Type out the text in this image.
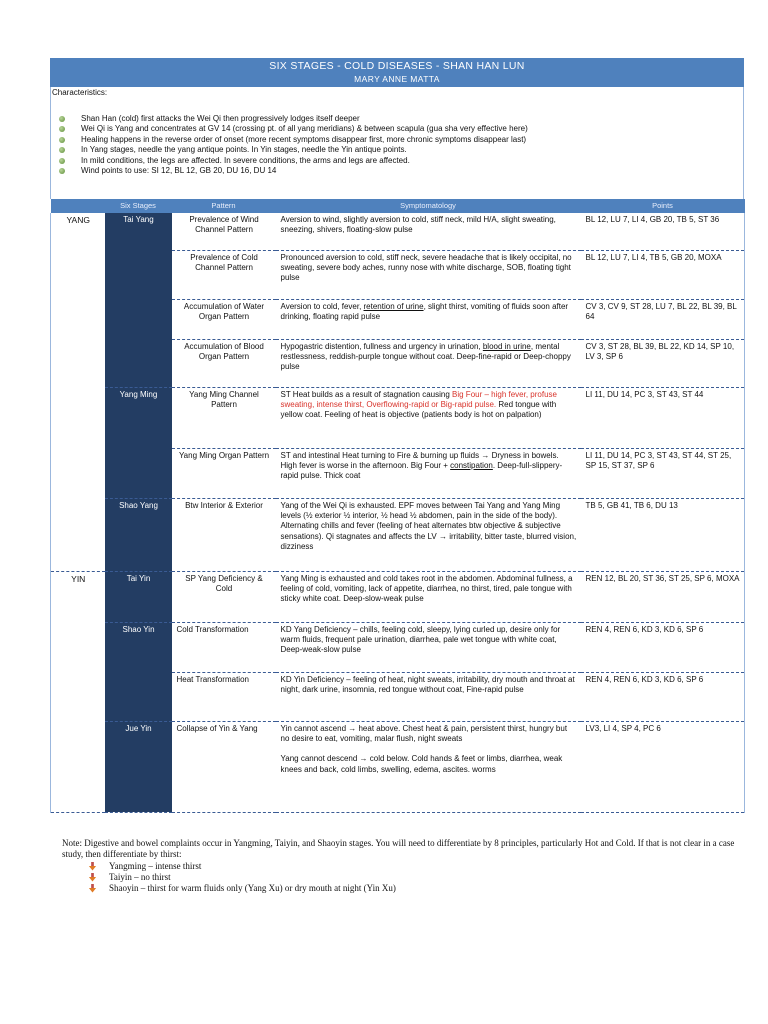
SIX STAGES - COLD DISEASES - SHAN HAN LUN
MARY ANNE MATTA
Characteristics:
Shan Han (cold) first attacks the Wei Qi then progressively lodges itself deeper
Wei Qi is Yang and concentrates at GV 14 (crossing pt. of all yang meridians) & between scapula (gua sha very effective here)
Healing happens in the reverse order of onset (more recent symptoms disappear first, more chronic symptoms disappear last)
In Yang stages, needle the yang antique points. In Yin stages, needle the Yin antique points.
In mild conditions, the legs are affected. In severe conditions, the arms and legs are affected.
Wind points to use: SI 12, BL 12, GB 20, DU 16, DU 14
	Six Stages	Pattern	Symptomatology	Points
YANG	Tai Yang	Prevalence of Wind Channel Pattern	Aversion to wind, slightly aversion to cold, stiff neck, mild H/A, slight sweating, sneezing, shivers, floating-slow pulse	BL 12, LU 7, LI 4, GB 20, TB 5, ST 36
		Prevalence of Cold Channel Pattern	Pronounced aversion to cold, stiff neck, severe headache that is likely occipital, no sweating, severe body aches, runny nose with white discharge, SOB, floating tight pulse	BL 12, LU 7, LI 4, TB 5, GB 20, MOXA
		Accumulation of Water Organ Pattern	Aversion to cold, fever, retention of urine, slight thirst, vomiting of fluids soon after drinking, floating rapid pulse	CV 3, CV 9, ST 28, LU 7, BL 22, BL 39, BL 64
		Accumulation of Blood Organ Pattern	Hypogastric distention, fullness and urgency in urination, blood in urine, mental restlessness, reddish-purple tongue without coat. Deep-fine-rapid or Deep-choppy pulse	CV 3, ST 28, BL 39, BL 22, KD 14, SP 10, LV 3, SP 6
	Yang Ming	Yang Ming Channel Pattern	ST Heat builds as a result of stagnation causing Big Four – high fever, profuse sweating, intense thirst, Overflowing-rapid or Big-rapid pulse. Red tongue with yellow coat. Feeling of heat is objective (patients body is hot on palpation)	LI 11, DU 14, PC 3, ST 43, ST 44
		Yang Ming Organ Pattern	ST and intestinal Heat turning to Fire & burning up fluids → Dryness in bowels. High fever is worse in the afternoon. Big Four + constipation. Deep-full-slippery-rapid pulse. Thick coat	LI 11, DU 14, PC 3, ST 43, ST 44, ST 25, SP 15, ST 37, SP 6
	Shao Yang	Btw Interior & Exterior	Yang of the Wei Qi is exhausted. EPF moves between Tai Yang and Yang Ming levels (½ exterior ½ interior, ½ head ½ abdomen, pain in the side of the body). Alternating chills and fever (feeling of heat alternates btw objective & subjective sensations). Qi stagnates and affects the LV → irritability, bitter taste, blurred vision, dizziness	TB 5, GB 41, TB 6, DU 13
YIN	Tai Yin	SP Yang Deficiency & Cold	Yang Ming is exhausted and cold takes root in the abdomen. Abdominal fullness, a feeling of cold, vomiting, lack of appetite, diarrhea, no thirst, tired, pale tongue with sticky white coat. Deep-slow-weak pulse	REN 12, BL 20, ST 36, ST 25, SP 6, MOXA
	Shao Yin	Cold Transformation	KD Yang Deficiency – chills, feeling cold, sleepy, lying curled up, desire only for warm fluids, frequent pale urination, diarrhea, pale wet tongue with white coat, Deep-weak-slow pulse	REN 4, REN 6, KD 3, KD 6, SP 6
		Heat Transformation	KD Yin Deficiency – feeling of heat, night sweats, irritability, dry mouth and throat at night, dark urine, insomnia, red tongue without coat, Fine-rapid pulse	REN 4, REN 6, KD 3, KD 6, SP 6
	Jue Yin	Collapse of Yin & Yang	Yin cannot ascend → heat above. Chest heat & pain, persistent thirst, hungry but no desire to eat, vomiting, malar flush, night sweats
Yang cannot descend → cold below. Cold hands & feet or limbs, diarrhea, weak knees and back, cold limbs, swelling, edema, ascites. worms	LV3, LI 4, SP 4, PC 6
Note: Digestive and bowel complaints occur in Yangming, Taiyin, and Shaoyin stages. You will need to differentiate by 8 principles, particularly Hot and Cold. If that is not clear in a case study, then differentiate by thirst:
Yangming – intense thirst
Taiyin – no thirst
Shaoyin – thirst for warm fluids only (Yang Xu) or dry mouth at night (Yin Xu)
